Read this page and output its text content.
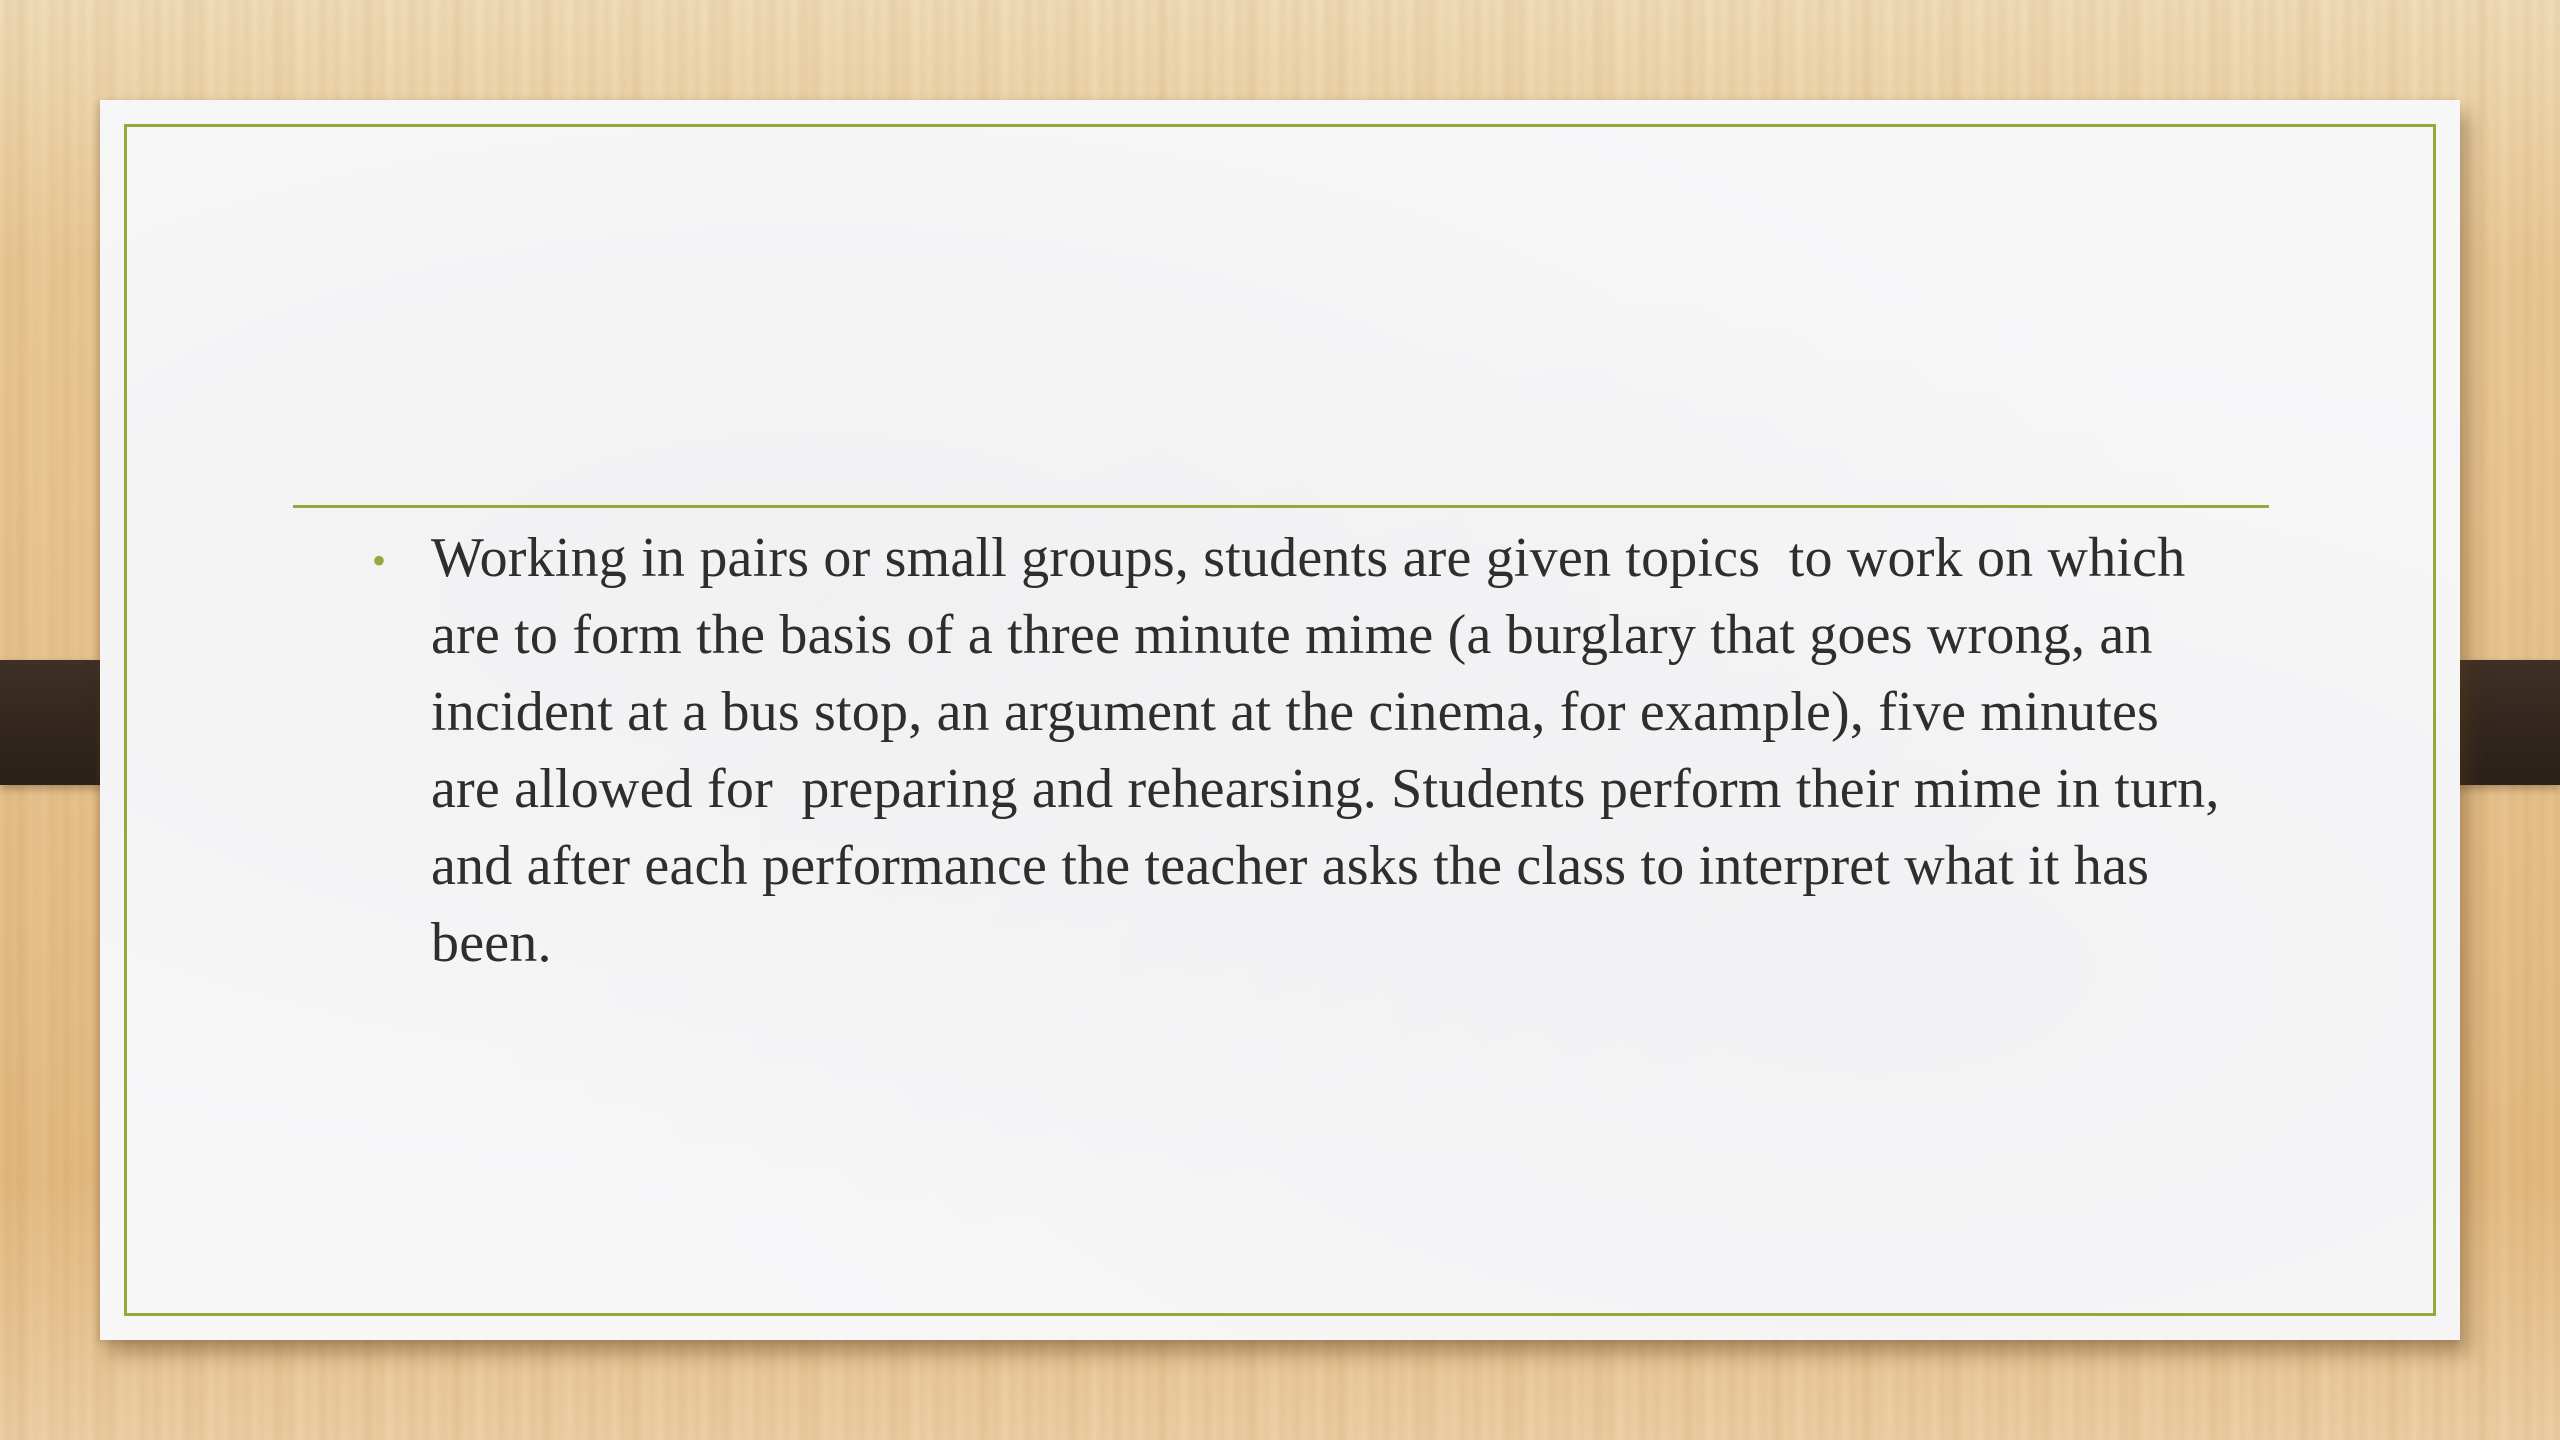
• Working in pairs or small groups, students are given topics  to work on which are to form the basis of a three minute mime (a burglary that goes wrong, an incident at a bus stop, an argument at the cinema, for example), five minutes are allowed for  preparing and rehearsing. Students perform their mime in turn, and after each performance the teacher asks the class to interpret what it has been.
